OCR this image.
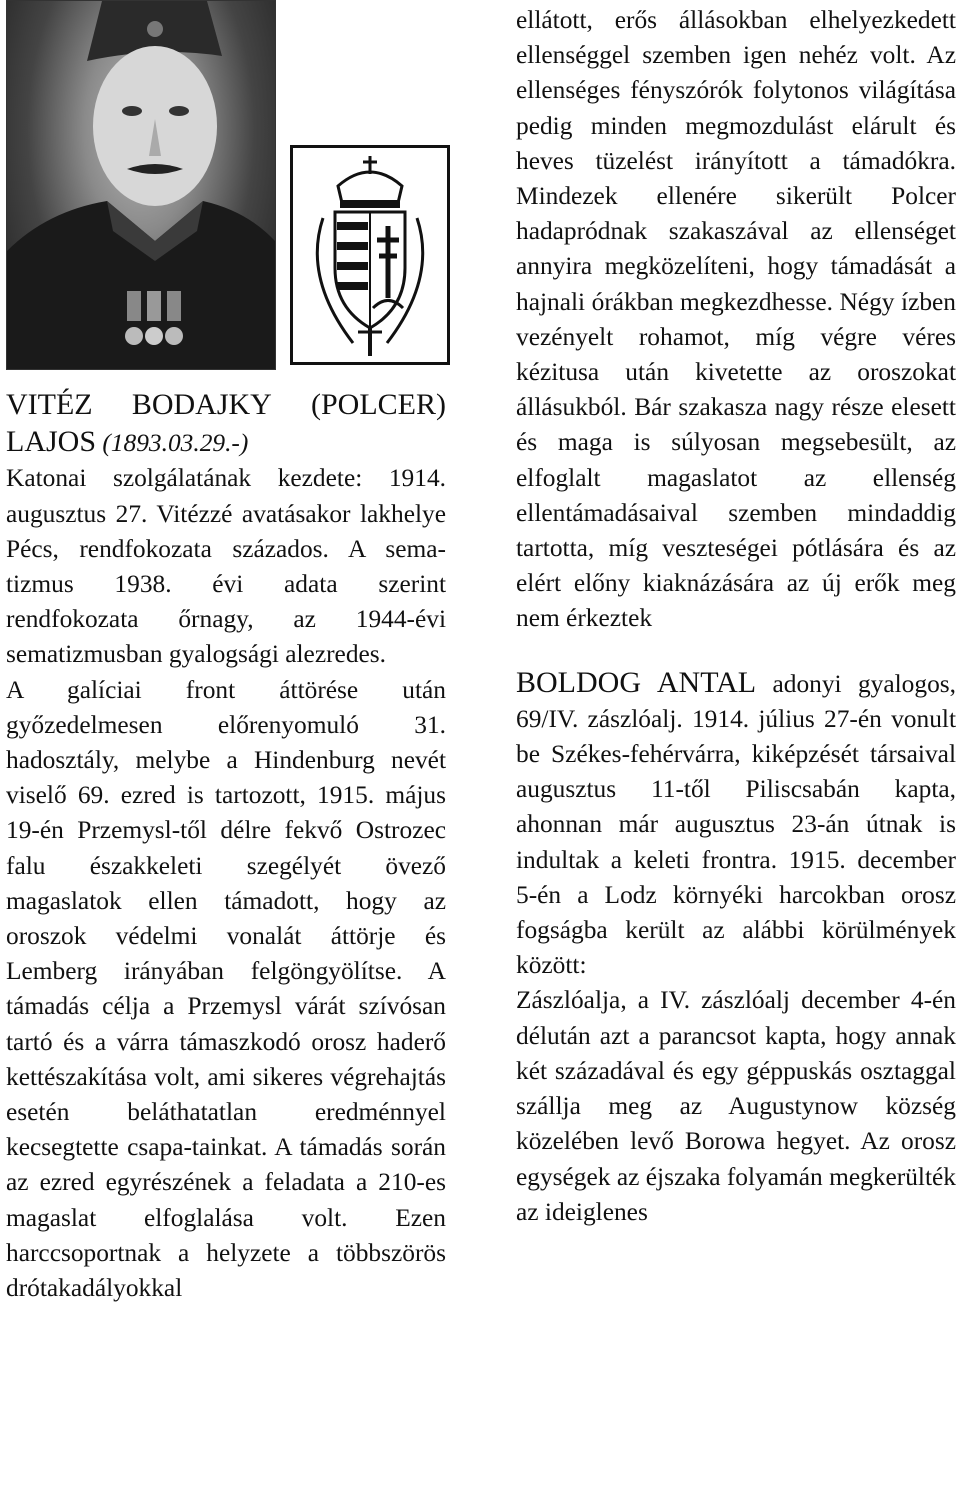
VITÉZ BODAJKY (POLCER)
LAJOS (1893.03.29.-)

Katonai szolgálatának kezdete: 1914. augusztus 27. Vitézzé avatásakor lakhelye Pécs, rendfokozata százados. A sema-tizmus 1938. évi adata szerint rendfokozata őrnagy, az 1944-évi sematizmusban gyalogsági alezredes.

A galíciai front áttörése után győzedelmesen előrenyomuló 31. hadosztály, melybe a Hindenburg nevét viselő 69. ezred is tartozott, 1915. május 19-én Przemysl-től délre fekvő Ostrozec falu északkeleti szegélyét övező magaslatok ellen támadott, hogy az oroszok védelmi vonalát áttörje és Lemberg irányában felgöngyölítse. A támadás célja a Przemysl várát szívósan tartó és a várra támaszkodó orosz haderő kettészakítása volt, ami sikeres végrehajtás esetén beláthatatlan eredménnyel kecsegtette csapa-tainkat. A támadás során az ezred egyrészének a feladata a 210-es magaslat elfoglalása volt. Ezen harccsoportnak a helyzete a többszörös drótakadályokkal

ellátott, erős állásokban elhelyezkedett ellenséggel szemben igen nehéz volt. Az ellenséges fényszórók folytonos világítása pedig minden megmozdulást elárult és heves tüzelést irányított a támadókra. Mindezek ellenére sikerült Polcer hadapródnak szakaszával az ellenséget annyira megközelíteni, hogy támadását a hajnali órákban megkezdhesse. Négy ízben vezényelt rohamot, míg végre véres kézitusa után kivetette az oroszokat állásukból. Bár szakasza nagy része elesett és maga is súlyosan megsebesült, az elfoglalt magaslatot az ellenség ellentámadásaival szemben mindaddig tartotta, míg veszteségei pótlására és az elért előny kiaknázására az új erők meg nem érkeztek

BOLDOG ANTAL adonyi gyalogos, 69/IV. zászlóalj. 1914. július 27-én vonult be Székes-fehérvárra, kiképzését társaival augusztus 11-től Piliscsabán kapta, ahonnan már augusztus 23-án útnak is indultak a keleti frontra. 1915. december 5-én a Lodz környéki harcokban orosz fogságba került az alábbi körülmények között:

Zászlóalja, a IV. zászlóalj december 4-én délután azt a parancsot kapta, hogy annak két századával és egy géppuskás osztaggal szállja meg az Augustynow község közelében levő Borowa hegyet. Az orosz egységek az éjszaka folyamán megkerülték az ideiglenes
